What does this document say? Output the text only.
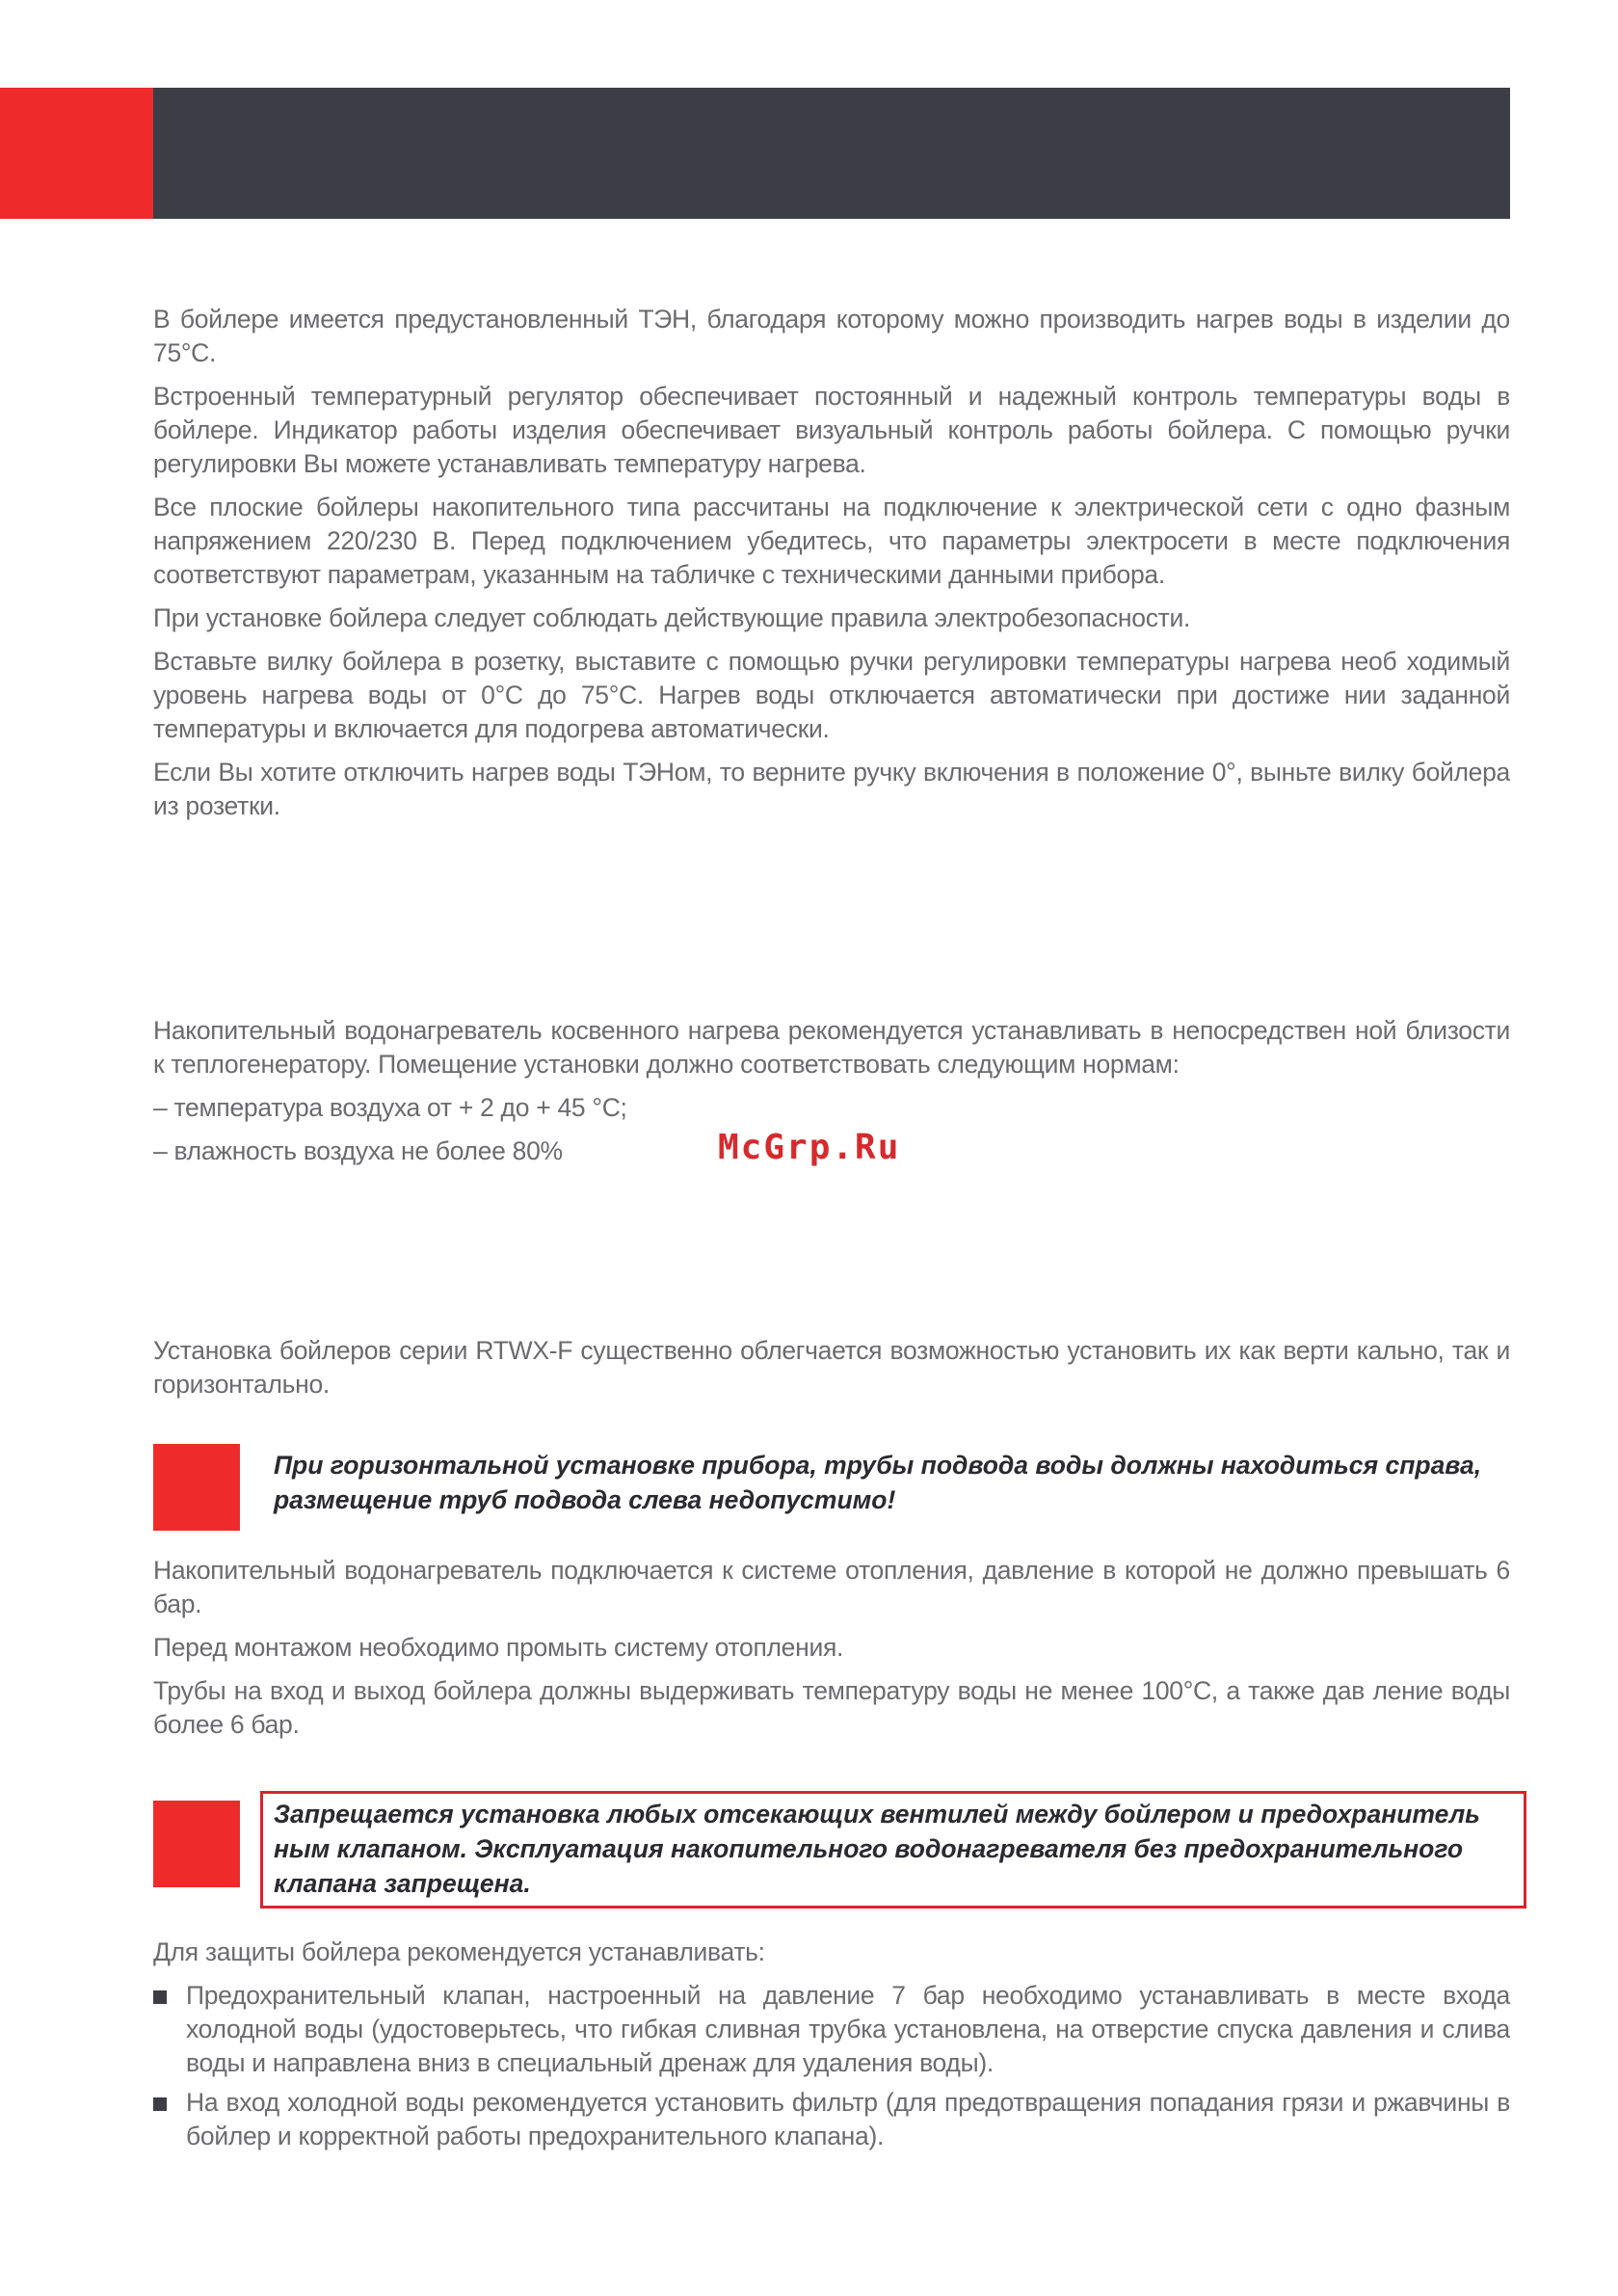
В бойлере имеется предустановленный ТЭН, благодаря которому можно производить нагрев воды в изделии до 75°С.

Встроенный температурный регулятор обеспечивает постоянный и надежный контроль температуры воды в бойлере. Индикатор работы изделия обеспечивает визуальный контроль работы бойлера. С помощью ручки регулировки Вы можете устанавливать температуру нагрева.

Все плоские бойлеры накопительного типа рассчитаны на подключение к электрической сети с одно фазным напряжением 220/230 В. Перед подключением убедитесь, что параметры электросети в месте подключения соответствуют параметрам, указанным на табличке с техническими данными прибора.

При установке бойлера следует соблюдать действующие правила электробезопасности.

Вставьте вилку бойлера в розетку, выставите с помощью ручки регулировки температуры нагрева необ ходимый уровень нагрева воды от 0°С до 75°С. Нагрев воды отключается автоматически при достиже нии заданной температуры и включается для подогрева автоматически.

Если Вы хотите отключить нагрев воды ТЭНом, то верните ручку включения в положение 0°, выньте вилку бойлера из розетки.

Накопительный водонагреватель косвенного нагрева рекомендуется устанавливать в непосредствен ной близости к теплогенератору. Помещение установки должно соответствовать следующим нормам:

– температура воздуха от + 2 до + 45 °С;

– влажность воздуха не более 80%	McGrp.Ru

Установка бойлеров серии RTWX-F существенно облегчается возможностью установить их как верти кально, так и горизонтально.

При горизонтальной установке прибора, трубы подвода воды должны находиться справа, размещение труб подвода слева недопустимо!

Накопительный водонагреватель подключается к системе отопления, давление в которой не должно превышать 6 бар.

Перед монтажом необходимо промыть систему отопления.

Трубы на вход и выход бойлера должны выдерживать температуру воды не менее 100°С, а также дав ление воды более 6 бар.

Запрещается установка любых отсекающих вентилей между бойлером и предохранитель ным клапаном. Эксплуатация накопительного водонагревателя без предохранительного клапана запрещена.

Для защиты бойлера рекомендуется устанавливать:

Предохранительный клапан, настроенный на давление 7 бар необходимо устанавливать в месте входа холодной воды (удостоверьтесь, что гибкая сливная трубка установлена, на отверстие спуска давления и слива воды и направлена вниз в специальный дренаж для удаления воды).

На вход холодной воды рекомендуется установить фильтр (для предотвращения попадания грязи и ржавчины в бойлер и корректной работы предохранительного клапана).
